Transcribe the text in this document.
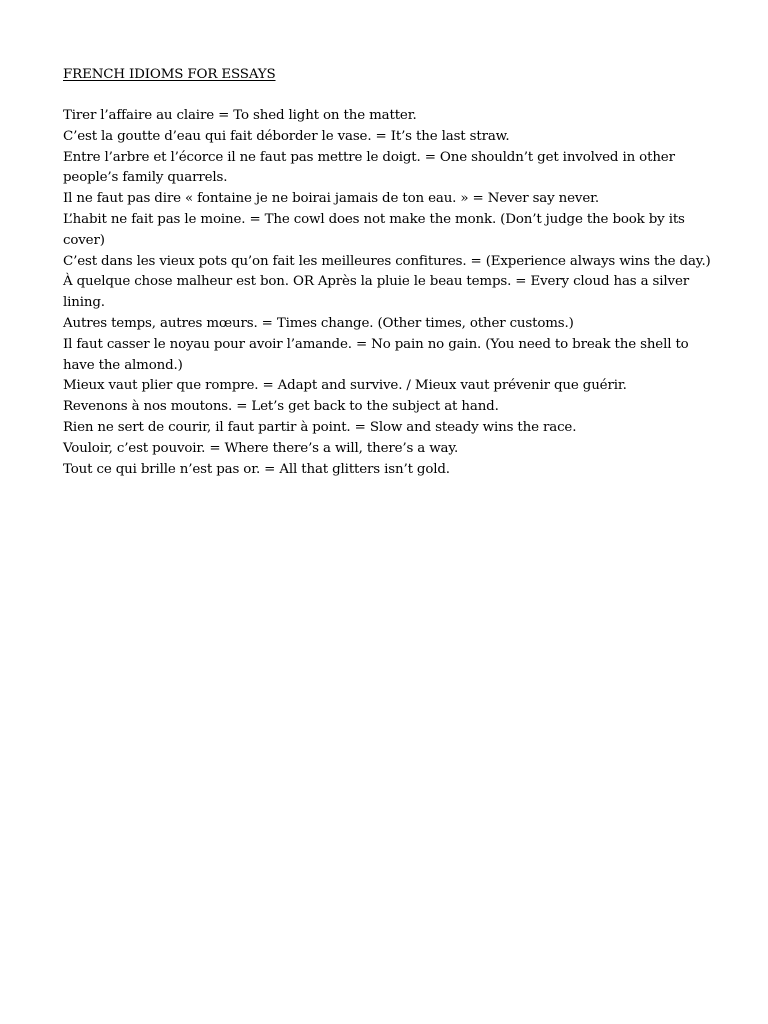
FRENCH IDIOMS FOR ESSAYS
Tirer l’affaire au claire = To shed light on the matter.
C’est la goutte d’eau qui fait déborder le vase. = It’s the last straw.
Entre l’arbre et l’écorce il ne faut pas mettre le doigt. = One shouldn’t get involved in other people’s family quarrels.
Il ne faut pas dire « fontaine je ne boirai jamais de ton eau. » = Never say never.
L’habit ne fait pas le moine. = The cowl does not make the monk. (Don’t judge the book by its cover)
C’est dans les vieux pots qu’on fait les meilleures confitures. = (Experience always wins the day.)
À quelque chose malheur est bon. OR Après la pluie le beau temps. = Every cloud has a silver lining.
Autres temps, autres mœurs. = Times change. (Other times, other customs.)
Il faut casser le noyau pour avoir l’amande. = No pain no gain. (You need to break the shell to have the almond.)
Mieux vaut plier que rompre. = Adapt and survive. / Mieux vaut prévenir que guérir.
Revenons à nos moutons. = Let’s get back to the subject at hand.
Rien ne sert de courir, il faut partir à point. = Slow and steady wins the race.
Vouloir, c’est pouvoir. = Where there’s a will, there’s a way.
Tout ce qui brille n’est pas or. = All that glitters isn’t gold.
